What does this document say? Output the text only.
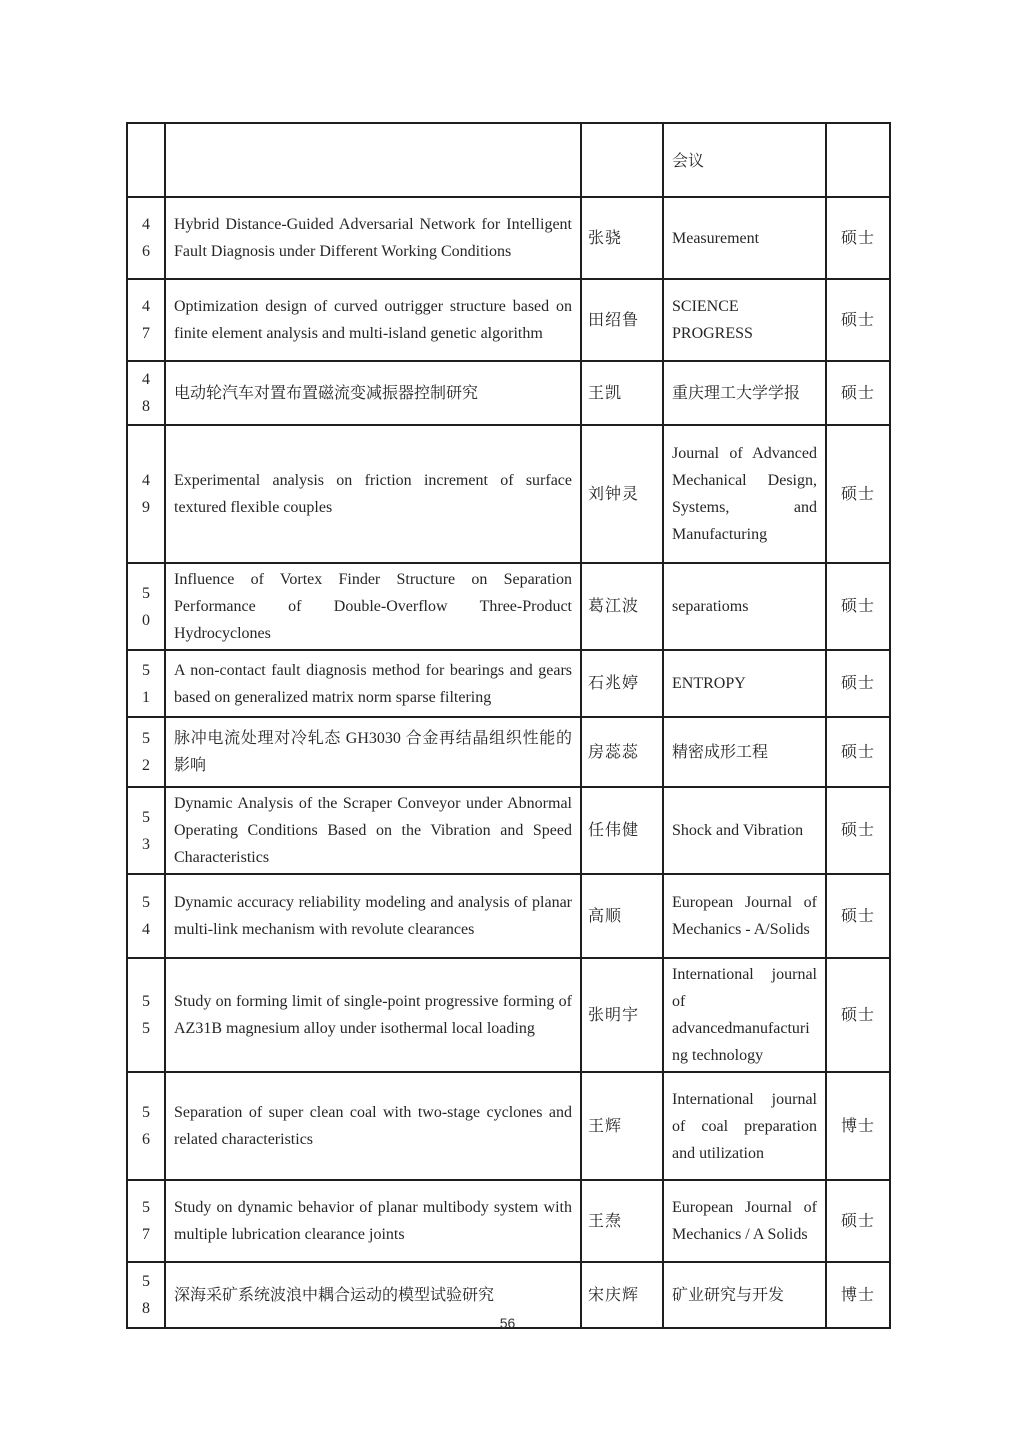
			会议	
46	Hybrid Distance-Guided Adversarial Network for Intelligent Fault Diagnosis under Different Working Conditions	张骁	Measurement	硕士
47	Optimization design of curved outrigger structure based on finite element analysis and multi-island genetic algorithm	田绍鲁	SCIENCE PROGRESS	硕士
48	电动轮汽车对置布置磁流变减振器控制研究	王凯	重庆理工大学学报	硕士
49	Experimental analysis on friction increment of surface textured flexible couples	刘钟灵	Journal of Advanced Mechanical Design, Systems, and Manufacturing	硕士
50	Influence of Vortex Finder Structure on Separation Performance of Double-Overflow Three-Product Hydrocyclones	葛江波	separatioms	硕士
51	A non-contact fault diagnosis method for bearings and gears based on generalized matrix norm sparse filtering	石兆婷	ENTROPY	硕士
52	脉冲电流处理对冷轧态 GH3030 合金再结晶组织性能的影响	房蕊蕊	精密成形工程	硕士
53	Dynamic Analysis of the Scraper Conveyor under Abnormal Operating Conditions Based on the Vibration and Speed Characteristics	任伟健	Shock and Vibration	硕士
54	Dynamic accuracy reliability modeling and analysis of planar multi-link mechanism with revolute clearances	高顺	European Journal of Mechanics - A/Solids	硕士
55	Study on forming limit of single-point progressive forming of AZ31B magnesium alloy under isothermal local loading	张明宇	International journal of advancedmanufacturing technology	硕士
56	Separation of super clean coal with two-stage cyclones and related characteristics	王辉	International journal of coal preparation and utilization	博士
57	Study on dynamic behavior of planar multibody system with multiple lubrication clearance joints	王焘	European Journal of Mechanics / A Solids	硕士
58	深海采矿系统波浪中耦合运动的模型试验研究	宋庆辉	矿业研究与开发	博士
56
